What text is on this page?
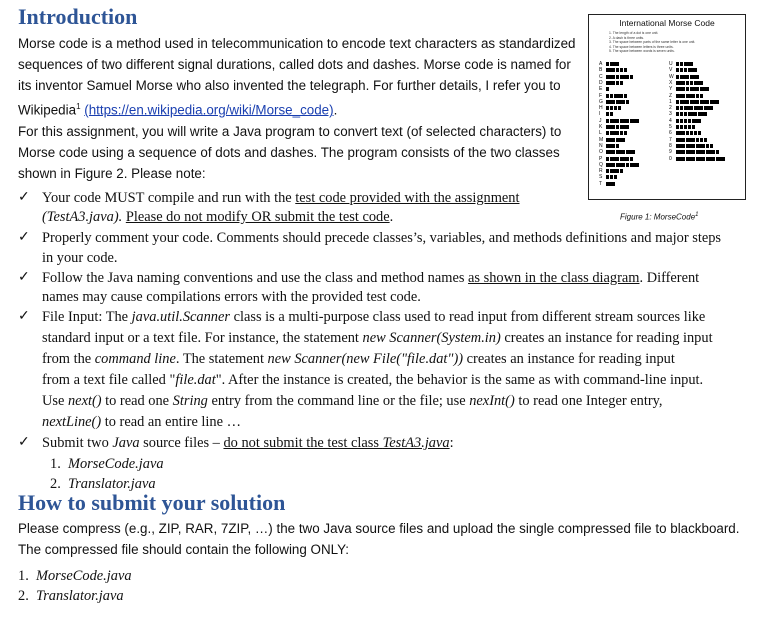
Introduction

Morse code is a method used in telecommunication to encode text characters as standardized

sequences of two different signal durations, called dots and dashes. Morse code is named for

its inventor Samuel Morse who also invented the telegraph. For further details, I refer you to

Wikipedia$^1$ (https://en.wikipedia.org/wiki/Morse_code).

For this assignment, you will write a Java program to convert text (of selected characters) to

Morse code using a sequence of dots and dashes. The program consists of the two classes

shown in Figure 2. Please note:

International Morse Code
1. The length of a dot is one unit.
2. A dash is three units.
3. The space between parts of the same letter is one unit.
4. The space between letters is three units.
5. The space between words is seven units.
A
B
C
D
E
F
G
H
I
J
K
L
M
N
O
P
Q
R
S
T
U
V
W
X
Y
Z
1
2
3
4
5
6
7
8
9
0
Figure 1: MorseCode$^1$
✓ Your code MUST compile and run with the test code provided with the assignment
(TestA3.java). Please do not modify OR submit the test code.
✓ Properly comment your code. Comments should precede classes’s, variables, and methods definitions and major steps
in your code.
✓ Follow the Java naming conventions and use the class and method names as shown in the class diagram. Different
names may cause compilations errors with the provided test code.
✓ File Input: The java.util.Scanner class is a multi-purpose class used to read input from different stream sources like
standard input or a text file. For instance, the statement new Scanner(System.in) creates an instance for reading input
from the command line. The statement new Scanner(new File("file.dat")) creates an instance for reading input
from a text file called "file.dat". After the instance is created, the behavior is the same as with command-line input.
Use next() to read one String entry from the command line or the file; use nexInt() to read one Integer entry,
nextLine() to read an entire line …
✓ Submit two Java source files – do not submit the test class TestA3.java:
1. MorseCode.java
2. Translator.java
How to submit your solution

Please compress (e.g., ZIP, RAR, 7ZIP, …) the two Java source files and upload the single compressed file to blackboard.

The compressed file should contain the following ONLY:

1. MorseCode.java
2. Translator.java
